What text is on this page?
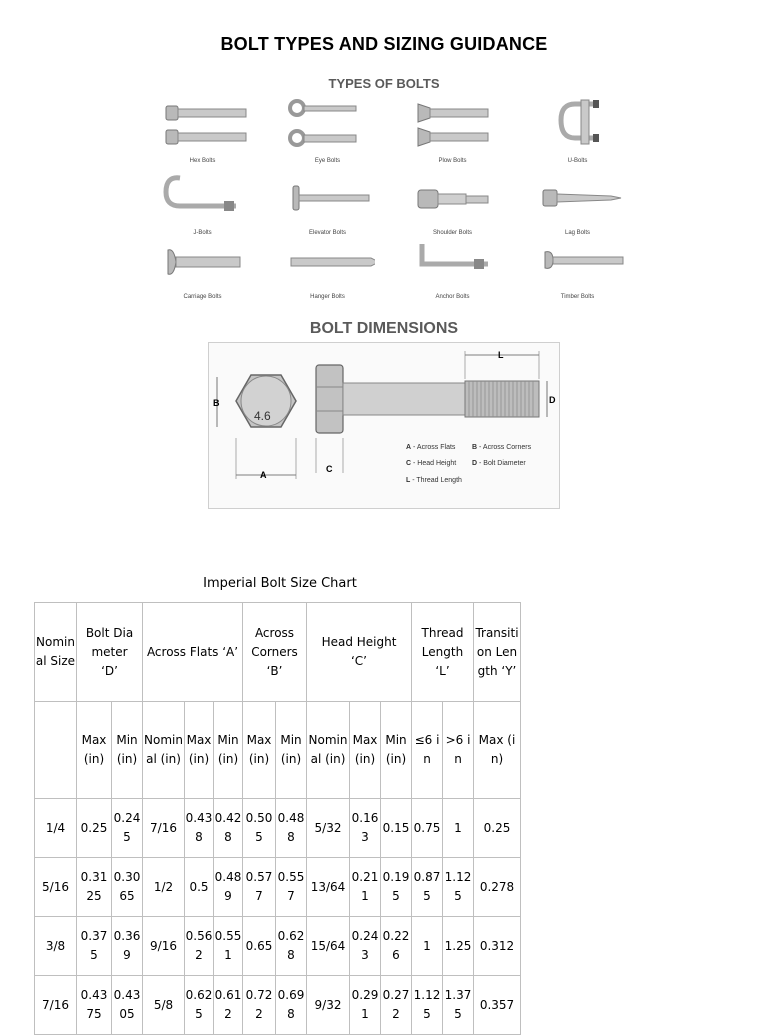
BOLT TYPES AND SIZING GUIDANCE
TYPES OF BOLTS
Hex Bolts	Eye Bolts	Plow Bolts	U-Bolts
J-Bolts	Elevator Bolts	Shoulder Bolts	Lag Bolts
Carriage Bolts	Hanger Bolts	Anchor Bolts	Timber Bolts
BOLT DIMENSIONS
4.6
B
A
L
D
C
A - Across Flats B - Across Corners
C - Head Height D - Bolt Diameter
L - Thread Length
Imperial Bolt Size Chart
Nominal Size	Bolt Diameter ‘D’		Across Flats ‘A’			Across Corners ‘B’		Head Height ‘C’			Thread Length ‘L’		Transition Length ‘Y’
	Max (in)	Min (in)	Nominal (in)	Max (in)	Min (in)	Max (in)	Min (in)	Nominal (in)	Max (in)	Min (in)	≤6 in	>6 in	Max (in)
1/4	0.25	0.245	7/16	0.438	0.428	0.505	0.488	5/32	0.163	0.15	0.75	1	0.25
5/16	0.3125	0.3065	1/2	0.5	0.489	0.577	0.557	13/64	0.211	0.195	0.875	1.125	0.278
3/8	0.375	0.369	9/16	0.562	0.551	0.65	0.628	15/64	0.243	0.226	1	1.25	0.312
7/16	0.4375	0.4305	5/8	0.625	0.612	0.722	0.698	9/32	0.291	0.272	1.125	1.375	0.357
